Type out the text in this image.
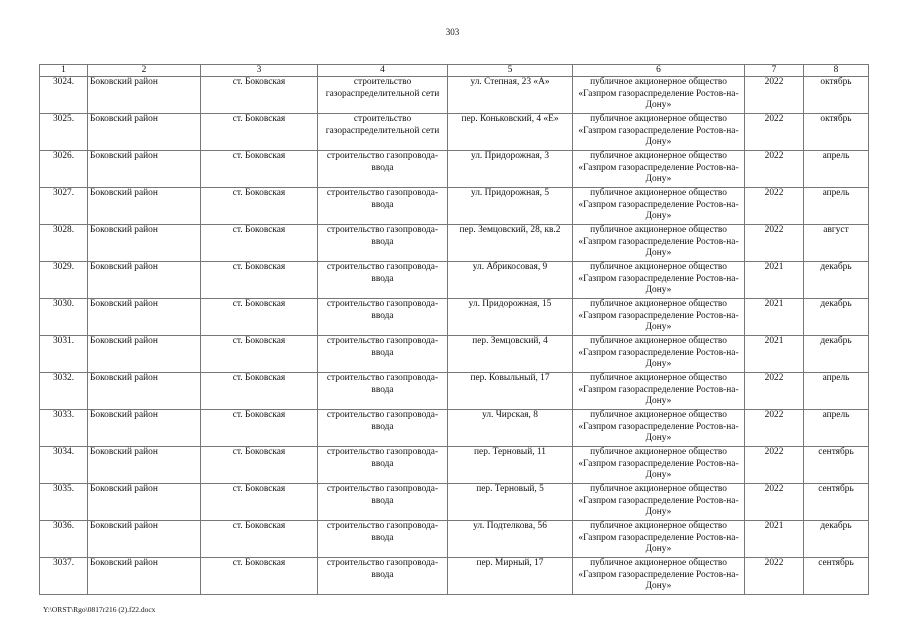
303
1	2	3	4	5	6	7	8
3024.	Боковский район	ст. Боковская	строительство газораспределительной сети	ул. Степная, 23 «А»	публичное акционерное общество «Газпром газораспределение Ростов-на-Дону»	2022	октябрь
3025.	Боковский район	ст. Боковская	строительство газораспределительной сети	пер. Коньковский, 4 «Е»	публичное акционерное общество «Газпром газораспределение Ростов-на-Дону»	2022	октябрь
3026.	Боковский район	ст. Боковская	строительство газопровода-ввода	ул. Придорожная, 3	публичное акционерное общество «Газпром газораспределение Ростов-на-Дону»	2022	апрель
3027.	Боковский район	ст. Боковская	строительство газопровода-ввода	ул. Придорожная, 5	публичное акционерное общество «Газпром газораспределение Ростов-на-Дону»	2022	апрель
3028.	Боковский район	ст. Боковская	строительство газопровода-ввода	пер. Земцовский, 28, кв.2	публичное акционерное общество «Газпром газораспределение Ростов-на-Дону»	2022	август
3029.	Боковский район	ст. Боковская	строительство газопровода-ввода	ул. Абрикосовая, 9	публичное акционерное общество «Газпром газораспределение Ростов-на-Дону»	2021	декабрь
3030.	Боковский район	ст. Боковская	строительство газопровода-ввода	ул. Придорожная, 15	публичное акционерное общество «Газпром газораспределение Ростов-на-Дону»	2021	декабрь
3031.	Боковский район	ст. Боковская	строительство газопровода-ввода	пер. Земцовский, 4	публичное акционерное общество «Газпром газораспределение Ростов-на-Дону»	2021	декабрь
3032.	Боковский район	ст. Боковская	строительство газопровода-ввода	пер. Ковыльный, 17	публичное акционерное общество «Газпром газораспределение Ростов-на-Дону»	2022	апрель
3033.	Боковский район	ст. Боковская	строительство газопровода-ввода	ул. Чирская, 8	публичное акционерное общество «Газпром газораспределение Ростов-на-Дону»	2022	апрель
3034.	Боковский район	ст. Боковская	строительство газопровода-ввода	пер. Терновый, 11	публичное акционерное общество «Газпром газораспределение Ростов-на-Дону»	2022	сентябрь
3035.	Боковский район	ст. Боковская	строительство газопровода-ввода	пер. Терновый, 5	публичное акционерное общество «Газпром газораспределение Ростов-на-Дону»	2022	сентябрь
3036.	Боковский район	ст. Боковская	строительство газопровода-ввода	ул. Подтелкова, 56	публичное акционерное общество «Газпром газораспределение Ростов-на-Дону»	2021	декабрь
3037.	Боковский район	ст. Боковская	строительство газопровода-ввода	пер. Мирный, 17	публичное акционерное общество «Газпром газораспределение Ростов-на-Дону»	2022	сентябрь
Y:\ORST\Rgo\0817r216 (2).f22.docx
